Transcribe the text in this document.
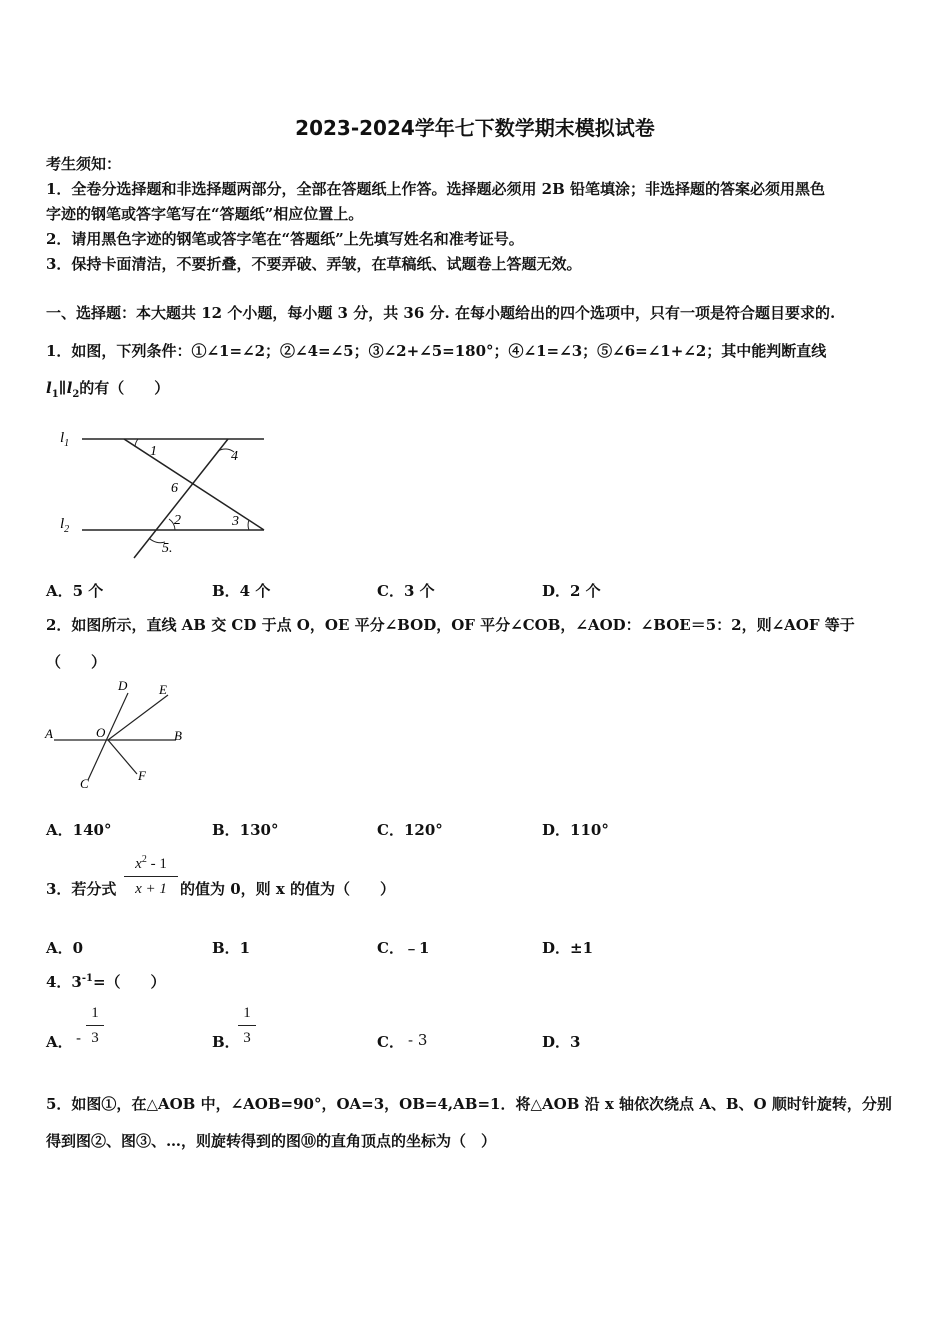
2023-2024学年七下数学期末模拟试卷
考生须知：
1．全卷分选择题和非选择题两部分，全部在答题纸上作答。选择题必须用 2B 铅笔填涂；非选择题的答案必须用黑色
字迹的钢笔或答字笔写在“答题纸”相应位置上。
2．请用黑色字迹的钢笔或答字笔在“答题纸”上先填写姓名和准考证号。
3．保持卡面清洁，不要折叠，不要弄破、弄皱，在草稿纸、试题卷上答题无效。
一、选择题：本大题共 12 个小题，每小题 3 分，共 36 分. 在每小题给出的四个选项中，只有一项是符合题目要求的.
1．如图，下列条件：①∠1=∠2；②∠4=∠5；③∠2+∠5=180°；④∠1=∠3；⑤∠6=∠1+∠2；其中能判断直线
$l_1\parallel l_2$的有（　　）
$l_1$
$l_2$
1	4
6
2	3
5.
A．5 个	B．4 个	C．3 个	D．2 个
2．如图所示，直线 AB 交 CD 于点 O，OE 平分∠BOD，OF 平分∠COB，∠AOD：∠BOE＝5：2，则∠AOF 等于
（　　）
A	B
C
D E
F
O
A．140°	B．130°	C．120°	D．110°
3．若分式 $\frac{x^2 - 1}{x + 1}$ 的值为 0，则 x 的值为（　　）
A．0	B．1	C．﹣1	D．±1
4．$3^{-1}=$（　　）
A． - $\frac{1}{3}$	B．
$\frac{1}{3}$	C． - 3	D．3
5．如图①，在△AOB 中，∠AOB=90°，OA=3，OB=4,AB=1．将△AOB 沿 x 轴依次绕点 A、B、O 顺时针旋转，分别
得到图②、图③、…，则旋转得到的图⑩的直角顶点的坐标为（　）
